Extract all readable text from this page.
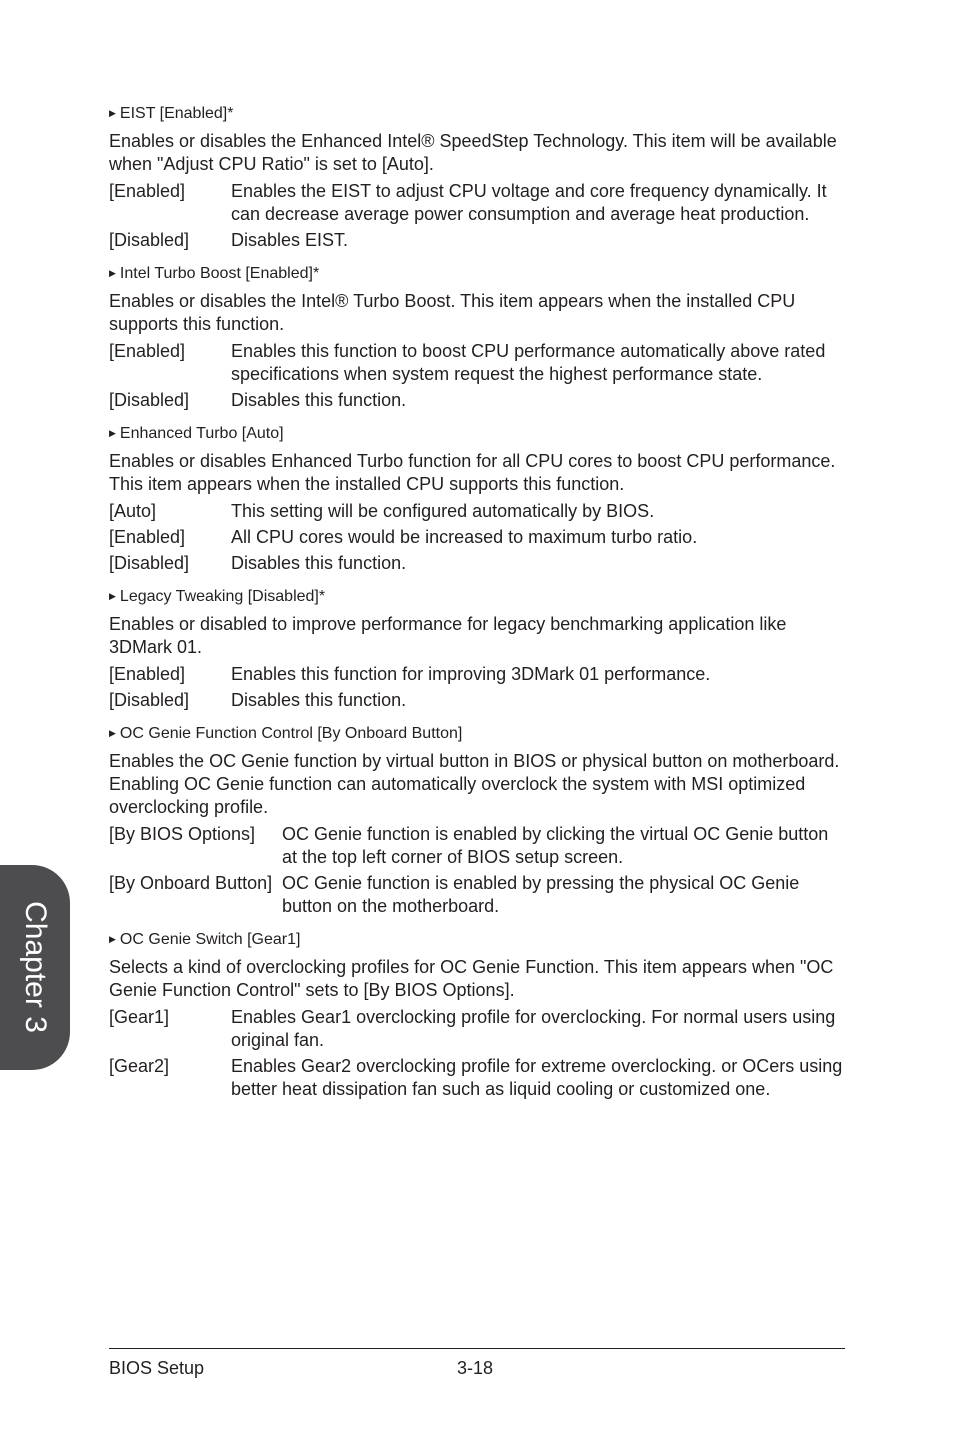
▶ EIST [Enabled]*
Enables or disables the Enhanced Intel® SpeedStep Technology. This item will be available when "Adjust CPU Ratio" is set to [Auto].
[Enabled]	Enables the EIST to adjust CPU voltage and core frequency dynamically. It can decrease average power consumption and average heat production.
[Disabled]	Disables EIST.
▶ Intel Turbo Boost [Enabled]*
Enables or disables the Intel® Turbo Boost. This item appears when the installed CPU supports this function.
[Enabled]	Enables this function to boost CPU performance automatically above rated specifications when system request the highest performance state.
[Disabled]	Disables this function.
▶ Enhanced Turbo [Auto]
Enables or disables Enhanced Turbo function for all CPU cores to boost CPU performance. This item appears when the installed CPU supports this function.
[Auto]	This setting will be configured automatically by BIOS.
[Enabled]	All CPU cores would be increased to maximum turbo ratio.
[Disabled]	Disables this function.
▶ Legacy Tweaking [Disabled]*
Enables or disabled to improve performance for legacy benchmarking application like 3DMark 01.
[Enabled]	Enables this function for improving 3DMark 01 performance.
[Disabled]	Disables this function.
▶ OC Genie Function Control [By Onboard Button]
Enables the OC Genie function by virtual button in BIOS or physical button on motherboard. Enabling OC Genie function can automatically overclock the system with MSI optimized overclocking profile.
[By BIOS Options]	OC Genie function is enabled by clicking the virtual OC Genie button at the top left corner of BIOS setup screen.
[By Onboard Button] OC Genie function is enabled by pressing the physical OC Genie button on the motherboard.
▶ OC Genie Switch [Gear1]
Selects a kind of overclocking profiles for OC Genie Function. This item appears when "OC Genie Function Control" sets to [By BIOS Options].
[Gear1]	Enables Gear1 overclocking profile for overclocking. For normal users using original fan.
[Gear2]	Enables Gear2 overclocking profile for extreme overclocking. or OCers using better heat dissipation fan such as liquid cooling or customized one.
Chapter 3
BIOS Setup	3-18
